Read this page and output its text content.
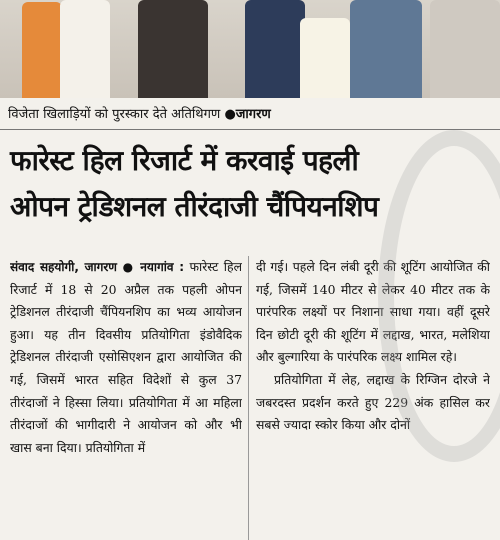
विजेता खिलाड़ियों को पुरस्कार देते अतिथिगण ●जागरण
फारेस्ट हिल रिजार्ट में करवाई पहली
ओपन ट्रेडिशनल तीरंदाजी चैंपियनशिप

संवाद सहयोगी, जागरण ● नयागांव : फारेस्ट हिल रिजार्ट में 18 से 20 अप्रैल तक पहली ओपन ट्रेडिशनल तीरंदाजी चैंपियनशिप का भव्य आयोजन हुआ। यह तीन दिवसीय प्रतियोगिता इंडोवैदिक ट्रेडिशनल तीरंदाजी एसोसिएशन द्वारा आयोजित की गई, जिसमें भारत सहित विदेशों से कुल 37 तीरंदाजों ने हिस्सा लिया। प्रतियोगिता में आ महिला तीरंदाजों की भागीदारी ने आयोजन को और भी खास बना दिया। प्रतियोगिता में

दी गई। पहले दिन लंबी दूरी की शूटिंग आयोजित की गई, जिसमें 140 मीटर से लेकर 40 मीटर तक के पारंपरिक लक्ष्यों पर निशाना साधा गया। वहीं दूसरे दिन छोटी दूरी की शूटिंग में लद्दाख, भारत, मलेशिया और बुल्गारिया के पारंपरिक लक्ष्य शामिल रहे।

प्रतियोगिता में लेह, लद्दाख के रिग्जिन दोरजे ने जबरदस्त प्रदर्शन करते हुए 229 अंक हासिल कर सबसे ज्यादा स्कोर किया और दोनों
